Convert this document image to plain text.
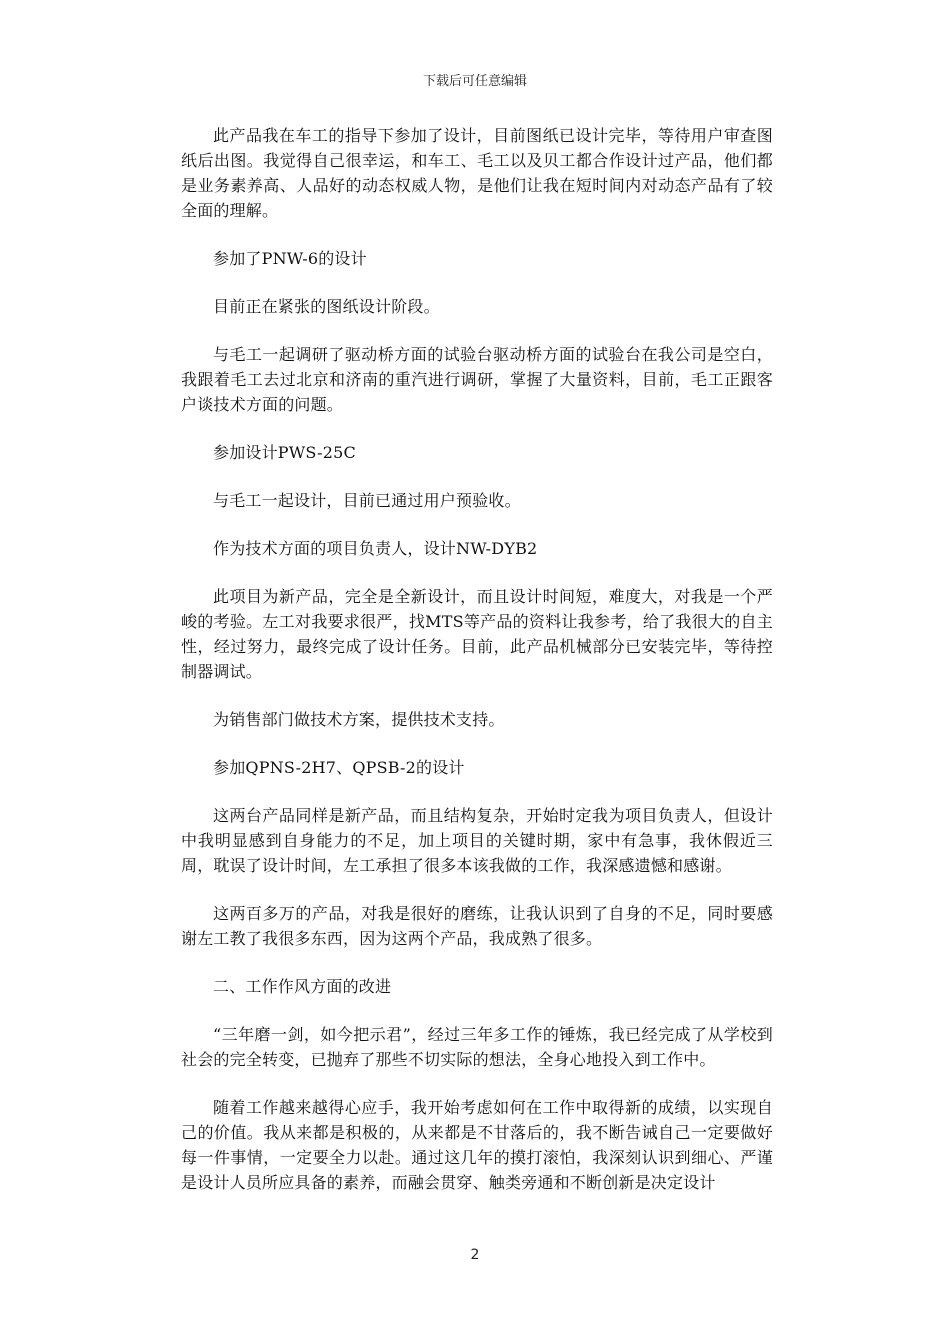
下载后可任意编辑

此产品我在车工的指导下参加了设计，目前图纸已设计完毕，等待用户审查图纸后出图。我觉得自己很幸运，和车工、毛工以及贝工都合作设计过产品，他们都是业务素养高、人品好的动态权威人物，是他们让我在短时间内对动态产品有了较全面的理解。

参加了PNW-6的设计

目前正在紧张的图纸设计阶段。

与毛工一起调研了驱动桥方面的试验台驱动桥方面的试验台在我公司是空白，我跟着毛工去过北京和济南的重汽进行调研，掌握了大量资料，目前，毛工正跟客户谈技术方面的问题。

参加设计PWS-25C

与毛工一起设计，目前已通过用户预验收。

作为技术方面的项目负责人，设计NW-DYB2

此项目为新产品，完全是全新设计，而且设计时间短，难度大，对我是一个严峻的考验。左工对我要求很严，找MTS等产品的资料让我参考，给了我很大的自主性，经过努力，最终完成了设计任务。目前，此产品机械部分已安装完毕，等待控制器调试。

为销售部门做技术方案，提供技术支持。

参加QPNS-2H7、QPSB-2的设计

这两台产品同样是新产品，而且结构复杂，开始时定我为项目负责人，但设计中我明显感到自身能力的不足，加上项目的关键时期，家中有急事，我休假近三周，耽误了设计时间，左工承担了很多本该我做的工作，我深感遗憾和感谢。

这两百多万的产品，对我是很好的磨练，让我认识到了自身的不足，同时要感谢左工教了我很多东西，因为这两个产品，我成熟了很多。

二、工作作风方面的改进

“三年磨一剑，如今把示君”，经过三年多工作的锤炼，我已经完成了从学校到社会的完全转变，已抛弃了那些不切实际的想法，全身心地投入到工作中。

随着工作越来越得心应手，我开始考虑如何在工作中取得新的成绩，以实现自己的价值。我从来都是积极的，从来都是不甘落后的，我不断告诫自己一定要做好每一件事情，一定要全力以赴。通过这几年的摸打滚怕，我深刻认识到细心、严谨是设计人员所应具备的素养，而融会贯穿、触类旁通和不断创新是决定设计

2
